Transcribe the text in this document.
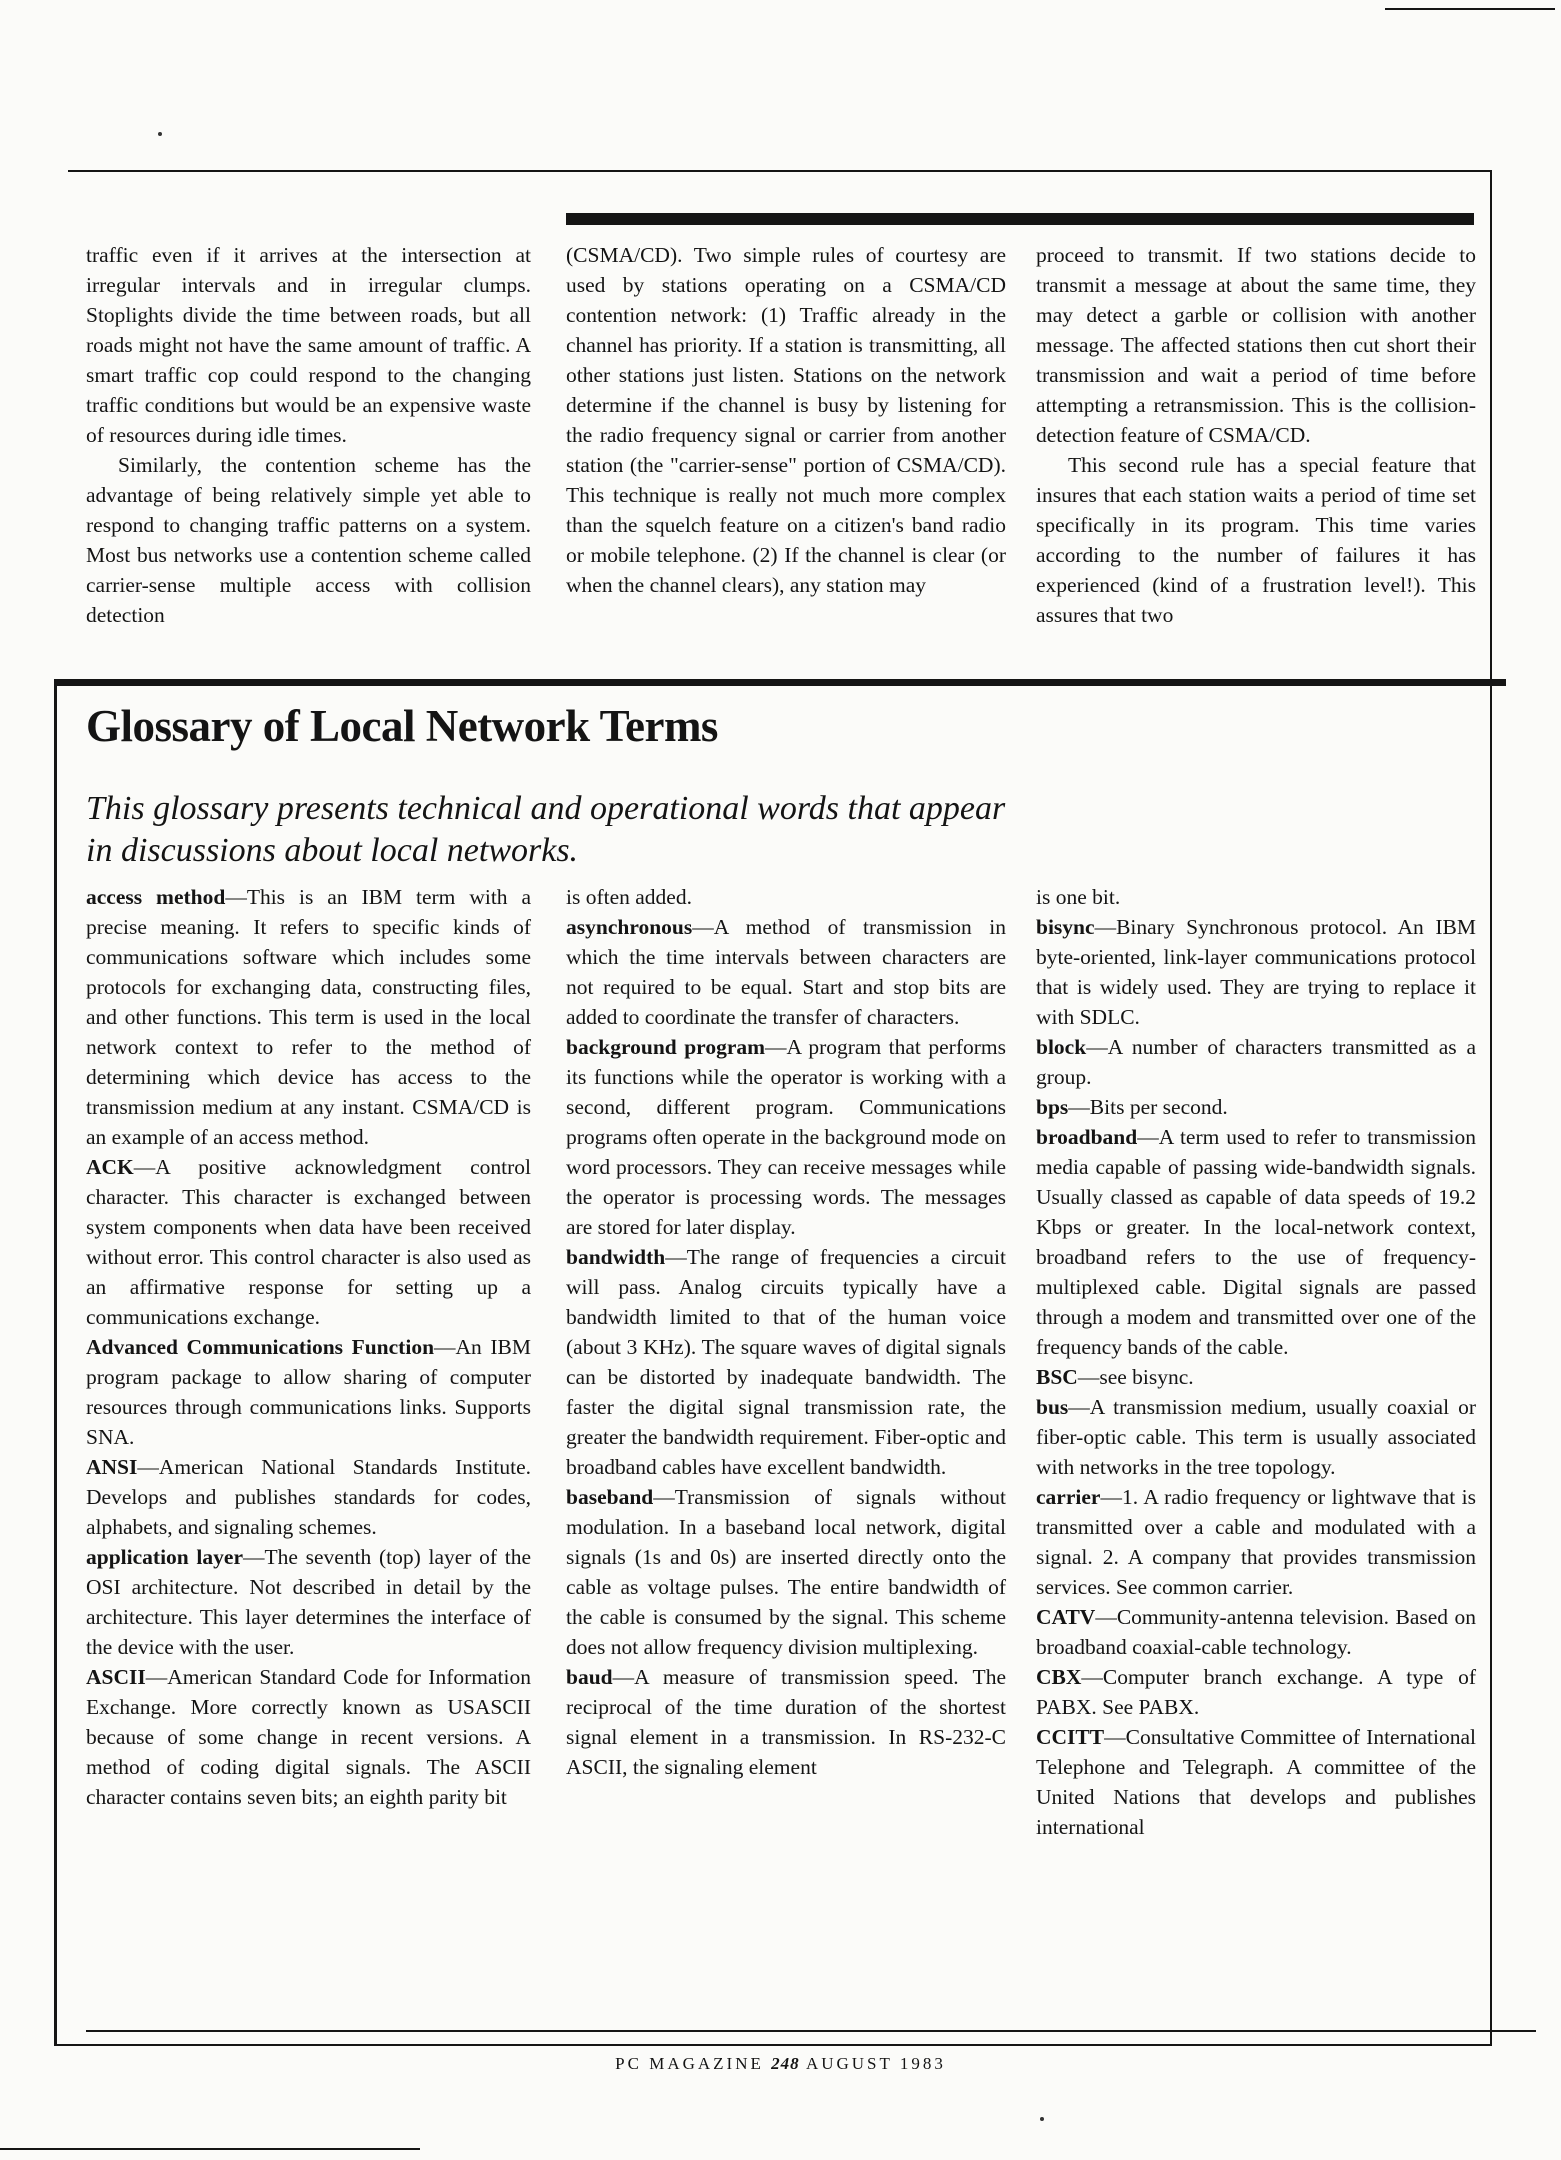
traffic even if it arrives at the intersection at irregular intervals and in irregular clumps. Stoplights divide the time between roads, but all roads might not have the same amount of traffic. A smart traffic cop could respond to the changing traffic conditions but would be an expensive waste of resources during idle times.

Similarly, the contention scheme has the advantage of being relatively simple yet able to respond to changing traffic patterns on a system. Most bus networks use a contention scheme called carrier-sense multiple access with collision detection

(CSMA/CD). Two simple rules of courtesy are used by stations operating on a CSMA/CD contention network: (1) Traffic already in the channel has priority. If a station is transmitting, all other stations just listen. Stations on the network determine if the channel is busy by listening for the radio frequency signal or carrier from another station (the "carrier-sense" portion of CSMA/CD). This technique is really not much more complex than the squelch feature on a citizen's band radio or mobile telephone. (2) If the channel is clear (or when the channel clears), any station may

proceed to transmit. If two stations decide to transmit a message at about the same time, they may detect a garble or collision with another message. The affected stations then cut short their transmission and wait a period of time before attempting a retransmission. This is the collision-detection feature of CSMA/CD.

This second rule has a special feature that insures that each station waits a period of time set specifically in its program. This time varies according to the number of failures it has experienced (kind of a frustration level!). This assures that two

Glossary of Local Network Terms
This glossary presents technical and operational words that appear in discussions about local networks.

access method—This is an IBM term with a precise meaning. It refers to specific kinds of communications software which includes some protocols for exchanging data, constructing files, and other functions. This term is used in the local network context to refer to the method of determining which device has access to the transmission medium at any instant. CSMA/CD is an example of an access method.

ACK—A positive acknowledgment control character. This character is exchanged between system components when data have been received without error. This control character is also used as an affirmative response for setting up a communications exchange.

Advanced Communications Function—An IBM program package to allow sharing of computer resources through communications links. Supports SNA.

ANSI—American National Standards Institute. Develops and publishes standards for codes, alphabets, and signaling schemes.

application layer—The seventh (top) layer of the OSI architecture. Not described in detail by the architecture. This layer determines the interface of the device with the user.

ASCII—American Standard Code for Information Exchange. More correctly known as USASCII because of some change in recent versions. A method of coding digital signals. The ASCII character contains seven bits; an eighth parity bit

is often added.

asynchronous—A method of transmission in which the time intervals between characters are not required to be equal. Start and stop bits are added to coordinate the transfer of characters.

background program—A program that performs its functions while the operator is working with a second, different program. Communications programs often operate in the background mode on word processors. They can receive messages while the operator is processing words. The messages are stored for later display.

bandwidth—The range of frequencies a circuit will pass. Analog circuits typically have a bandwidth limited to that of the human voice (about 3 KHz). The square waves of digital signals can be distorted by inadequate bandwidth. The faster the digital signal transmission rate, the greater the bandwidth requirement. Fiber-optic and broadband cables have excellent bandwidth.

baseband—Transmission of signals without modulation. In a baseband local network, digital signals (1s and 0s) are inserted directly onto the cable as voltage pulses. The entire bandwidth of the cable is consumed by the signal. This scheme does not allow frequency division multiplexing.

baud—A measure of transmission speed. The reciprocal of the time duration of the shortest signal element in a transmission. In RS-232-C ASCII, the signaling element

is one bit.

bisync—Binary Synchronous protocol. An IBM byte-oriented, link-layer communications protocol that is widely used. They are trying to replace it with SDLC.

block—A number of characters transmitted as a group.

bps—Bits per second.

broadband—A term used to refer to transmission media capable of passing wide-bandwidth signals. Usually classed as capable of data speeds of 19.2 Kbps or greater. In the local-network context, broadband refers to the use of frequency-multiplexed cable. Digital signals are passed through a modem and transmitted over one of the frequency bands of the cable.

BSC—see bisync.

bus—A transmission medium, usually coaxial or fiber-optic cable. This term is usually associated with networks in the tree topology.

carrier—1. A radio frequency or lightwave that is transmitted over a cable and modulated with a signal. 2. A company that provides transmission services. See common carrier.

CATV—Community-antenna television. Based on broadband coaxial-cable technology.

CBX—Computer branch exchange. A type of PABX. See PABX.

CCITT—Consultative Committee of International Telephone and Telegraph. A committee of the United Nations that develops and publishes international

PC MAGAZINE 248 AUGUST 1983
